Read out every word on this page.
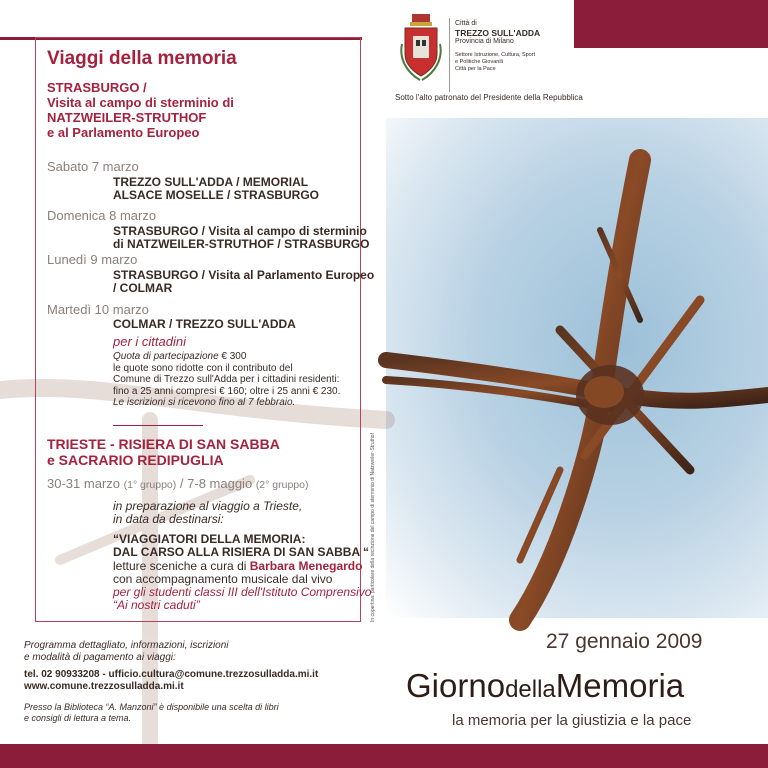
Città di
TREZZO SULL'ADDA
Provincia di Milano
Settore Istruzione, Cultura, Sport
e Politiche Giovanili
Città per la Pace
Sotto l'alto patronato del Presidente della Repubblica
Viaggi della memoria
STRASBURGO /
Visita al campo di sterminio di
NATZWEILER-STRUTHOF
e al Parlamento Europeo
Sabato 7 marzo
TREZZO SULL'ADDA / MEMORIAL
ALSACE MOSELLE / STRASBURGO
Domenica 8 marzo
STRASBURGO / Visita al campo di sterminio
di NATZWEILER-STRUTHOF / STRASBURGO
Lunedì 9 marzo
STRASBURGO / Visita al Parlamento Europeo
/ COLMAR
Martedì 10 marzo
COLMAR / TREZZO SULL'ADDA
per i cittadini
Quota di partecipazione € 300
le quote sono ridotte con il contributo del
Comune di Trezzo sull'Adda per i cittadini residenti:
fino a 25 anni compresi € 160; oltre i 25 anni € 230.
Le iscrizioni si ricevono fino al 7 febbraio.
TRIESTE - RISIERA DI SAN SABBA
e SACRARIO REDIPUGLIA
30-31 marzo (1° gruppo) / 7-8 maggio (2° gruppo)
in preparazione al viaggio a Trieste,
in data da destinarsi:
“VIAGGIATORI DELLA MEMORIA:
DAL CARSO ALLA RISIERA DI SAN SABBA “
letture sceniche a cura di Barbara Menegardo
con accompagnamento musicale dal vivo
per gli studenti classi III dell'Istituto Comprensivo
“Ai nostri caduti”	In copertina: particolare della recinzione del campo di sterminio di Natzweiler-Struthof
Programma dettagliato, informazioni, iscrizioni
e modalità di pagamento ai viaggi:
tel. 02 90933208 - ufficio.cultura@comune.trezzosulladda.mi.it
www.comune.trezzosulladda.mi.it
Presso la Biblioteca “A. Manzoni” è disponibile una scelta di libri
e consigli di lettura a tema.
27 gennaio 2009
GiornodellaMemoria
la memoria per la giustizia e la pace
